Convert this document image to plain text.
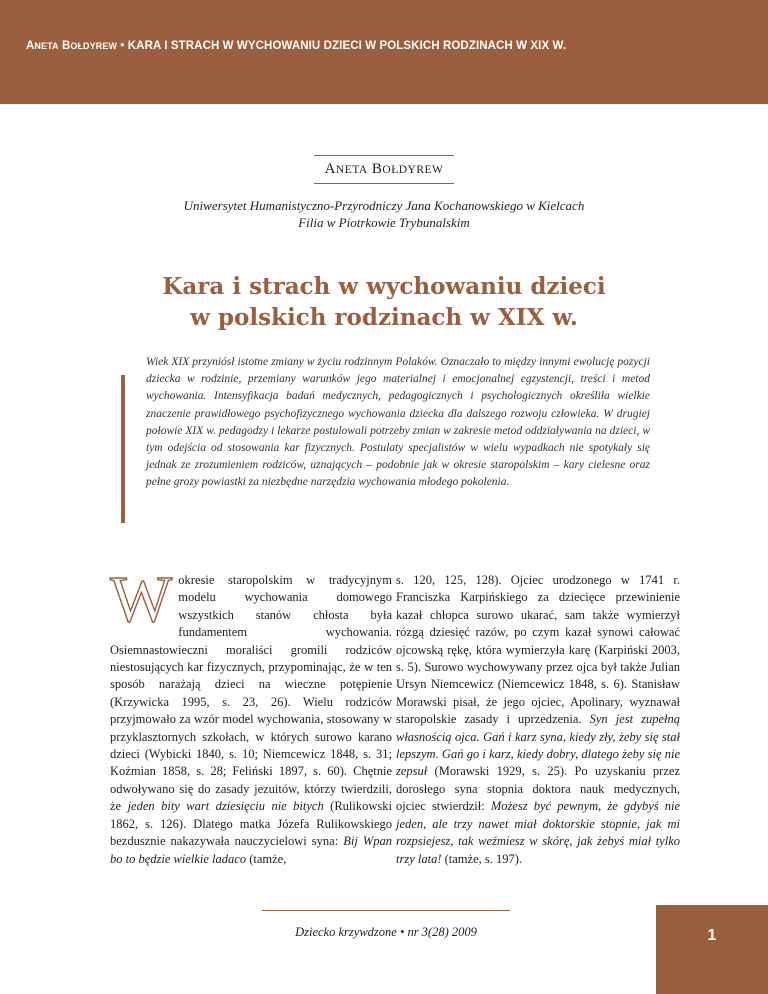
ANETA BOŁDYREW • KARA I STRACH W WYCHOWANIU DZIECI W POLSKICH RODZINACH W XIX W.
ANETA BOŁDYREW
Uniwersytet Humanistyczno-Przyrodniczy Jana Kochanowskiego w Kielcach
Filia w Piotrkowie Trybunalskim
Kara i strach w wychowaniu dzieci
w polskich rodzinach w XIX w.
Wiek XIX przyniósł istotne zmiany w życiu rodzinnym Polaków. Oznaczało to między innymi ewolucję pozycji dziecka w rodzinie, przemiany warunków jego materialnej i emocjonalnej egzystencji, treści i metod wychowania. Intensyfikacja badań medycznych, pedagogicznych i psychologicznych określiła wielkie znaczenie prawidłowego psychofizycznego wychowania dziecka dla dalszego rozwoju człowieka. W drugiej połowie XIX w. pedagodzy i lekarze postulowali potrzeby zmian w zakresie metod oddziaływania na dzieci, w tym odejścia od stosowania kar fizycznych. Postulaty specjalistów w wielu wypadkach nie spotykały się jednak ze zrozumieniem rodziców, uznających – podobnie jak w okresie staropolskim – kary cielesne oraz pełne grozy powiastki za niezbędne narzędzia wychowania młodego pokolenia.
Wokresie staropolskim w tradycyjnym modelu wychowania domowego wszystkich stanów chłosta była fundamentem wychowania. Osiemnastowieczni moraliści gromili rodziców niestosujących kar fizycznych, przypominając, że w ten sposób narażają dzieci na wieczne potępienie (Krzywicka 1995, s. 23, 26). Wielu rodziców przyjmowało za wzór model wychowania, stosowany w przyklasztornych szkołach, w których surowo karano dzieci (Wybicki 1840, s. 10; Niemcewicz 1848, s. 31; Koźmian 1858, s. 28; Feliński 1897, s. 60). Chętnie odwoływano się do zasady jezuitów, którzy twierdzili, że jeden bity wart dziesięciu nie bitych (Rulikowski 1862, s. 126). Dlatego matka Józefa Rulikowskiego bezdusznie nakazywała nauczycielowi syna: Bij Wpan bo to będzie wielkie ladaco (tamże,
s. 120, 125, 128). Ojciec urodzonego w 1741 r. Franciszka Karpińskiego za dziecięce przewinienie kazał chłopca surowo ukarać, sam także wymierzył rózgą dziesięć razów, po czym kazał synowi całować ojcowską rękę, która wymierzyła karę (Karpiński 2003, s. 5). Surowo wychowywany przez ojca był także Julian Ursyn Niemcewicz (Niemcewicz 1848, s. 6). Stanisław Morawski pisał, że jego ojciec, Apolinary, wyznawał staropolskie zasady i uprzedzenia. Syn jest zupełną własnością ojca. Gań i karz syna, kiedy zły, żeby się stał lepszym. Gań go i karz, kiedy dobry, dlatego żeby się nie zepsuł (Morawski 1929, s. 25). Po uzyskaniu przez dorosłego syna stopnia doktora nauk medycznych, ojciec stwierdził: Możesz być pewnym, że gdybyś nie jeden, ale trzy nawet miał doktorskie stopnie, jak mi rozpsiejesz, tak weźmiesz w skórę, jak żebyś miał tylko trzy lata! (tamże, s. 197).
Dziecko krzywdzone • nr 3(28) 2009	1
